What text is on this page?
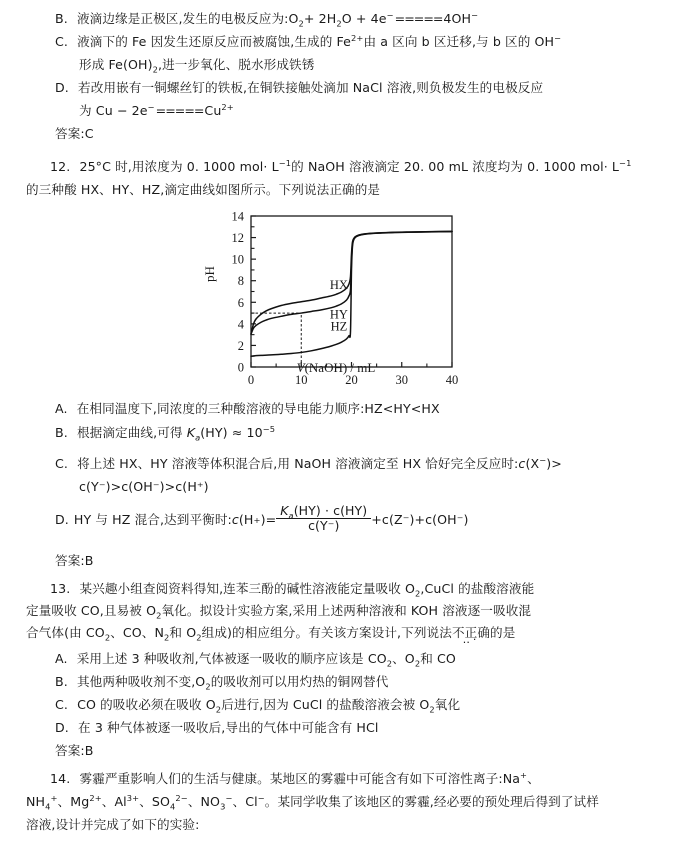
B. 液滴边缘是正极区,发生的电极反应为$:O_2+ 2H_2O + 4e^-=====4OH^-$
C. 液滴下的 Fe 因发生还原反应而被腐蚀,生成的 $Fe^{2+}$由 a 区向 b 区迁移,与 b 区的 OH−
形成 $Fe(OH)_2$,进一步氧化、脱水形成铁锈
D. 若改用嵌有一铜螺丝钉的铁板,在铜铁接触处滴加 NaCl 溶液,则负极发生的电极反应
为 $Cu - 2e^-=====Cu^{2+}$
答案:C
12. 25°C 时,用浓度为 0. 1000 $mol\cdot L^{-1}$的 NaOH 溶液滴定 20. 00 mL 浓度均为 0. 1000 $mol\cdot L^{-1}$
的三种酸 HX、HY、HZ,滴定曲线如图所示。下列说法正确的是
pH
V(NaOH) / mL
0
2
4
6
8
10
12
14
0	10	20	30	40
HX
HY
HZ
A. 在相同温度下,同浓度的三种酸溶液的导电能力顺序:HZ<HY<HX
B. 根据滴定曲线,可得 $K_a(HY) \approx 10^{-5}$
C. 将上述 HX、HY 溶液等体积混合后,用 NaOH 溶液滴定至 HX 恰好完全反应时:c(X−)>
c(Y⁻)>c(OH⁻)>c(H⁺)
D. HY 与 HZ 混合,达到平衡时: c (H + )= $\frac{K_a(HY) \cdot c(HY)}{c(Y^-)} +c(Z^-)+c(OH^-)$
答案:B
13. 某兴趣小组查阅资料得知,连苯三酚的碱性溶液能定量吸收 $O_2,CuCl$ 的盐酸溶液能
定量吸收 CO,且易被 $O_2$氧化。拟设计实验方案,采用上述两种溶液和 KOH 溶液逐一吸收混
合气体(由 $CO_2$、CO、$N_2$和 $O_2$组成)的相应组分。有关该方案设计,下列说法不正确 ‥‧的是
A. 采用上述 3 种吸收剂,气体被逐一吸收的顺序应该是 $CO_2$、$O_2$和 CO
B. 其他两种吸收剂不变$,O_2$的吸收剂可以用灼热的铜网替代
C. CO 的吸收必须在吸收 $O_2$后进行,因为 CuCl 的盐酸溶液会被 $O_2$氧化
D. 在 3 种气体被逐一吸收后,导出的气体中可能含有 HCl
答案:B
14. 雾霾严重影响人们的生活与健康。某地区的雾霾中可能含有如下可溶性离子:Na+、
$NH_4^+$、$Mg^{2+}$、$Al^{3+}$、$SO_4^{2-}$、$NO_3^-$、Cl−。某同学收集了该地区的雾霾,经必要的预处理后得到了试样
溶液,设计并完成了如下的实验:
